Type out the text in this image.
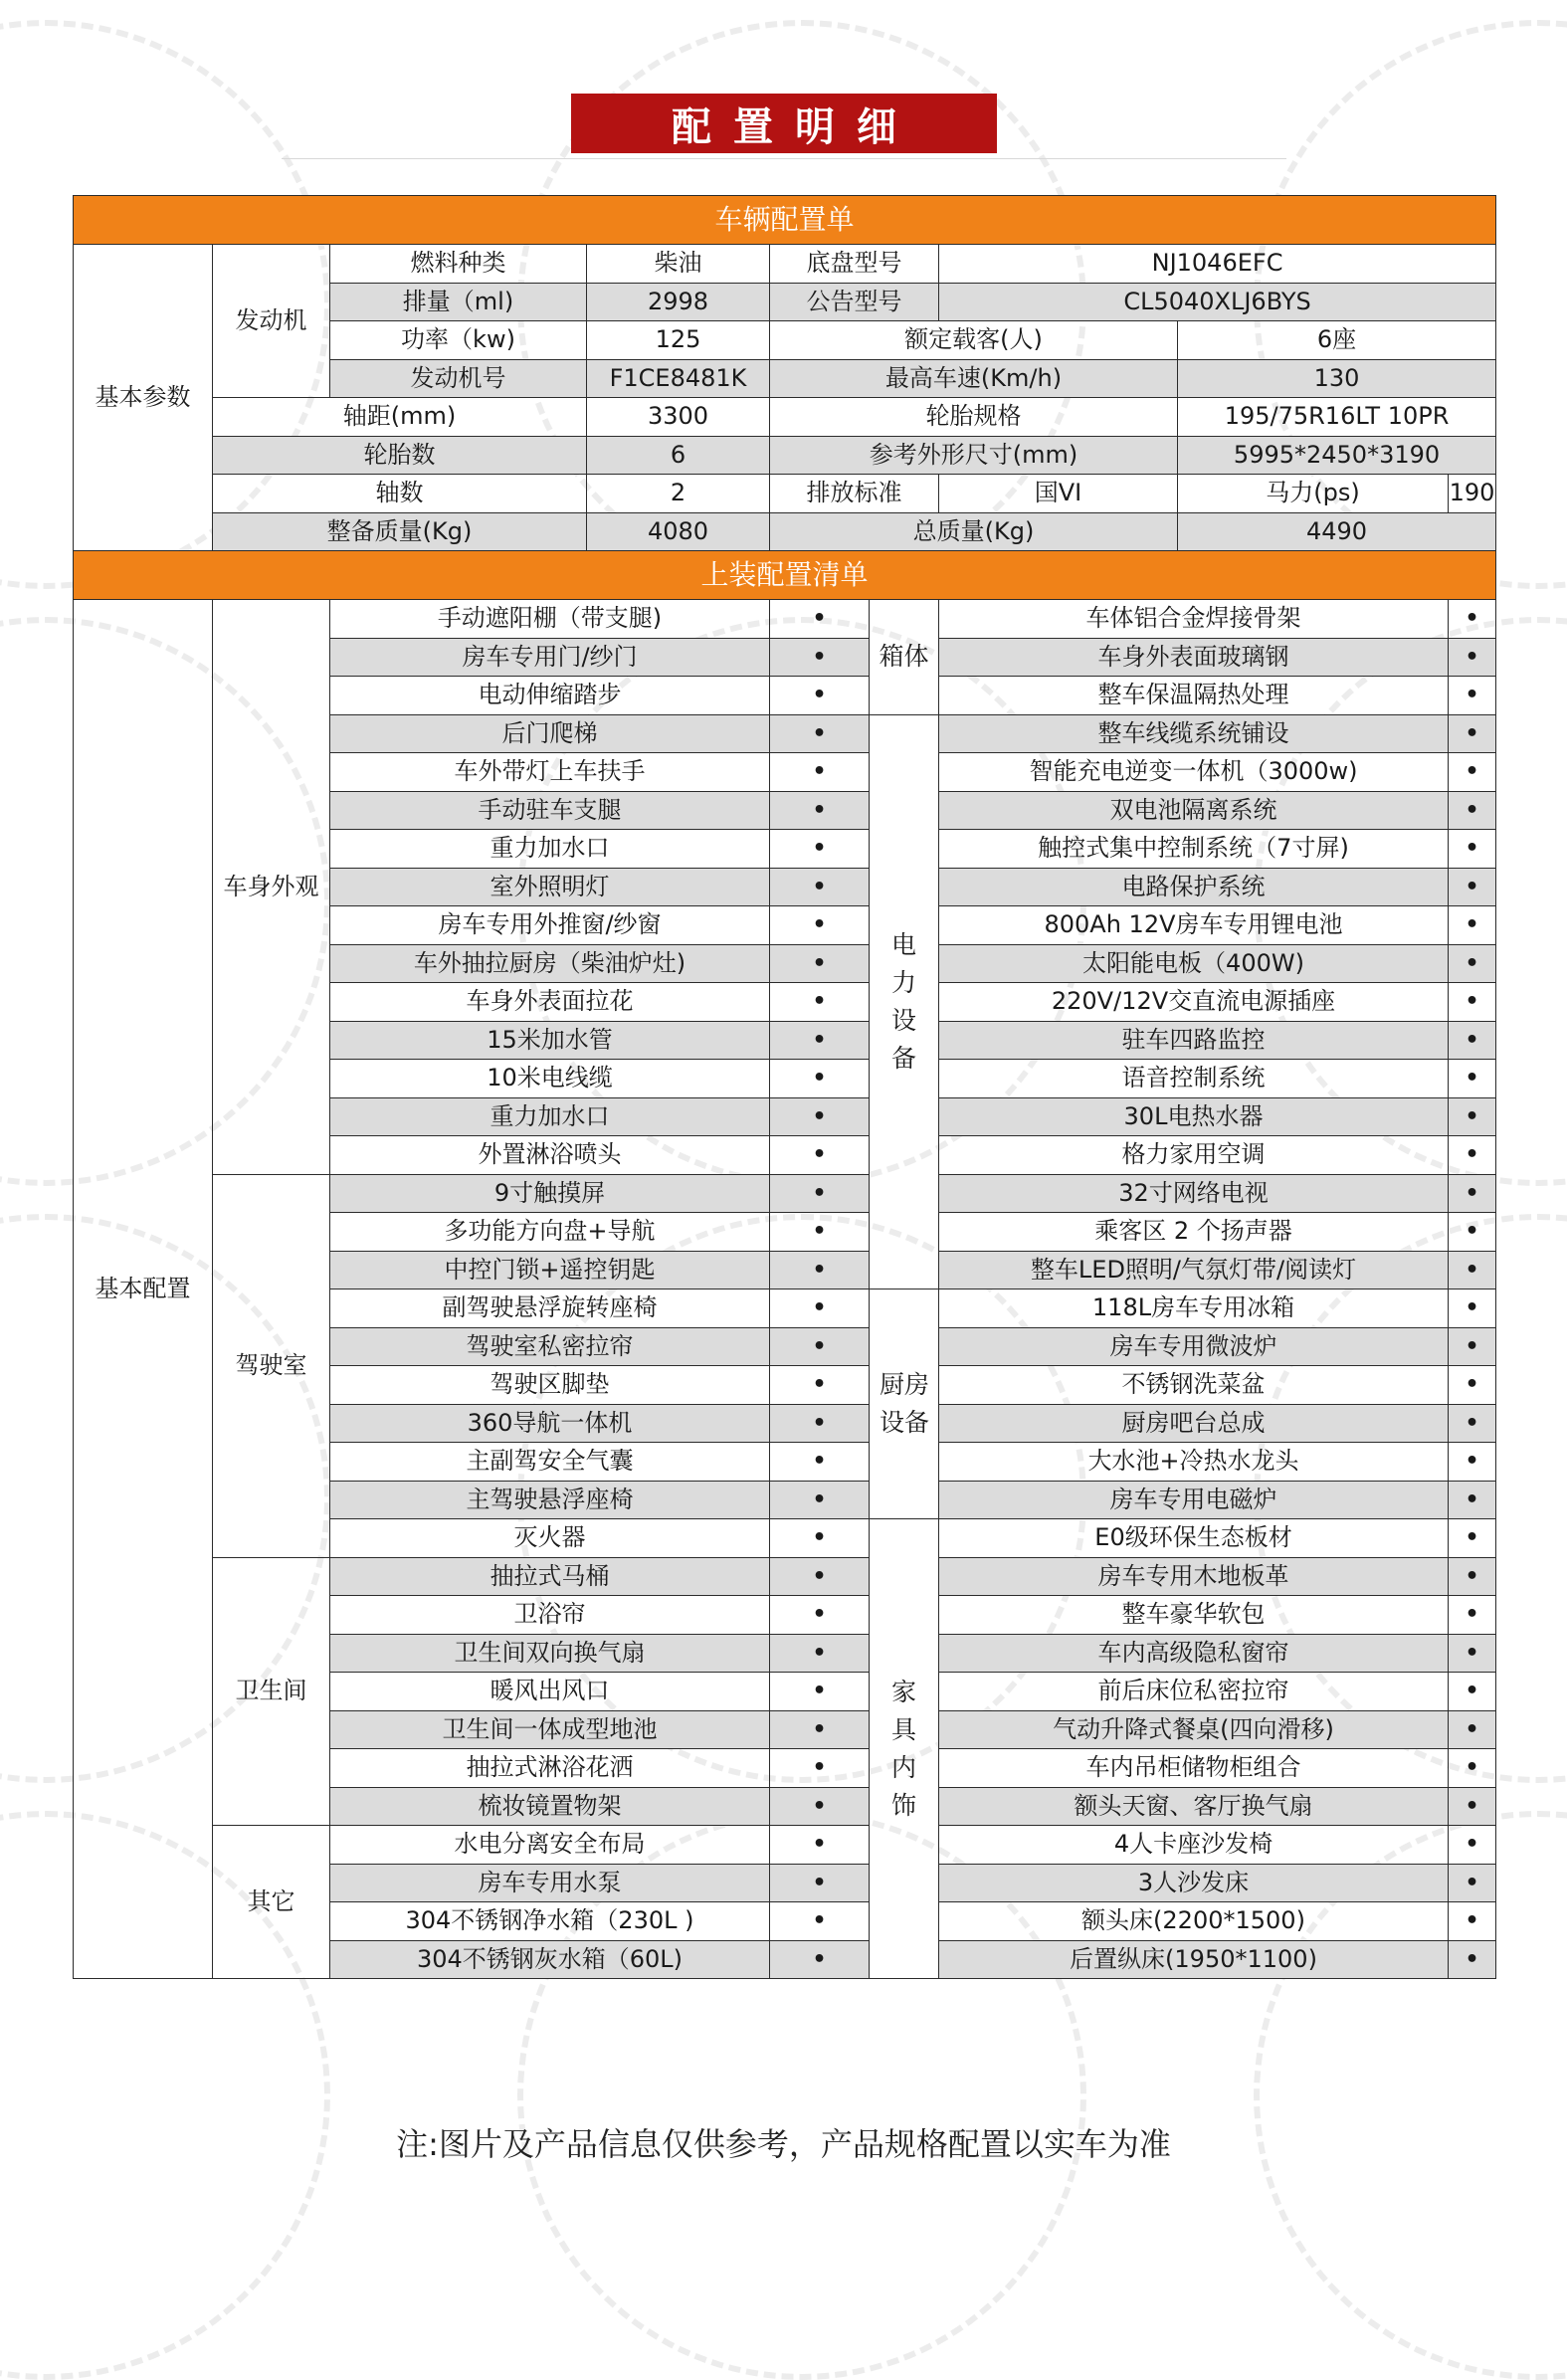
配置明细
车辆配置单								
基本参数	发动机	燃料种类	柴油	底盘型号		NJ1046EFC		
		排量（ml)	2998	公告型号		CL5040XLJ6BYS		
		功率（kw)	125	额定载客(人)			6座	
		发动机号	F1CE8481K	最高车速(Km/h)			130	
	轴距(mm)		3300	轮胎规格			195/75R16LT 10PR	
	轮胎数		6	参考外形尺寸(mm)			5995*2450*3190	
	轴数		2	排放标准		国VI	马力(ps)	190
	整备质量(Kg)		4080	总质量(Kg)			4490	
上装配置清单								
基本配置	车身外观	手动遮阳棚（带支腿)		•	箱体	车体铝合金焊接骨架		•
		房车专用门/纱门		•		车身外表面玻璃钢		•
		电动伸缩踏步		•		整车保温隔热处理		•
		后门爬梯		•	电力设备	整车线缆系统铺设		•
		车外带灯上车扶手		•		智能充电逆变一体机（3000w)		•
		手动驻车支腿		•		双电池隔离系统		•
		重力加水口		•		触控式集中控制系统（7寸屏)		•
		室外照明灯		•		电路保护系统		•
		房车专用外推窗/纱窗		•		800Ah 12V房车专用锂电池		•
		车外抽拉厨房（柴油炉灶)		•		太阳能电板（400W)		•
		车身外表面拉花		•		220V/12V交直流电源插座		•
		15米加水管		•		驻车四路监控		•
		10米电线缆		•		语音控制系统		•
		重力加水口		•		30L电热水器		•
		外置淋浴喷头		•		格力家用空调		•
	驾驶室	9寸触摸屏		•		32寸网络电视		•
		多功能方向盘+导航		•		乘客区 2 个扬声器		•
		中控门锁+遥控钥匙		•		整车LED照明/气氛灯带/阅读灯		•
		副驾驶悬浮旋转座椅		•	厨房设备	118L房车专用冰箱		•
		驾驶室私密拉帘		•		房车专用微波炉		•
		驾驶区脚垫		•		不锈钢洗菜盆		•
		360导航一体机		•		厨房吧台总成		•
		主副驾安全气囊		•		大水池+冷热水龙头		•
		主驾驶悬浮座椅		•		房车专用电磁炉		•
		灭火器		•	家具内饰	E0级环保生态板材		•
	卫生间	抽拉式马桶		•		房车专用木地板革		•
		卫浴帘		•		整车豪华软包		•
		卫生间双向换气扇		•		车内高级隐私窗帘		•
		暖风出风口		•		前后床位私密拉帘		•
		卫生间一体成型地池		•		气动升降式餐桌(四向滑移)		•
		抽拉式淋浴花洒		•		车内吊柜储物柜组合		•
		梳妆镜置物架		•		额头天窗、客厅换气扇		•
	其它	水电分离安全布局		•		4人卡座沙发椅		•
		房车专用水泵		•		3人沙发床		•
		304不锈钢净水箱（230L )		•		额头床(2200*1500)		•
		304不锈钢灰水箱（60L)		•		后置纵床(1950*1100)		•
注:图片及产品信息仅供参考，产品规格配置以实车为准
